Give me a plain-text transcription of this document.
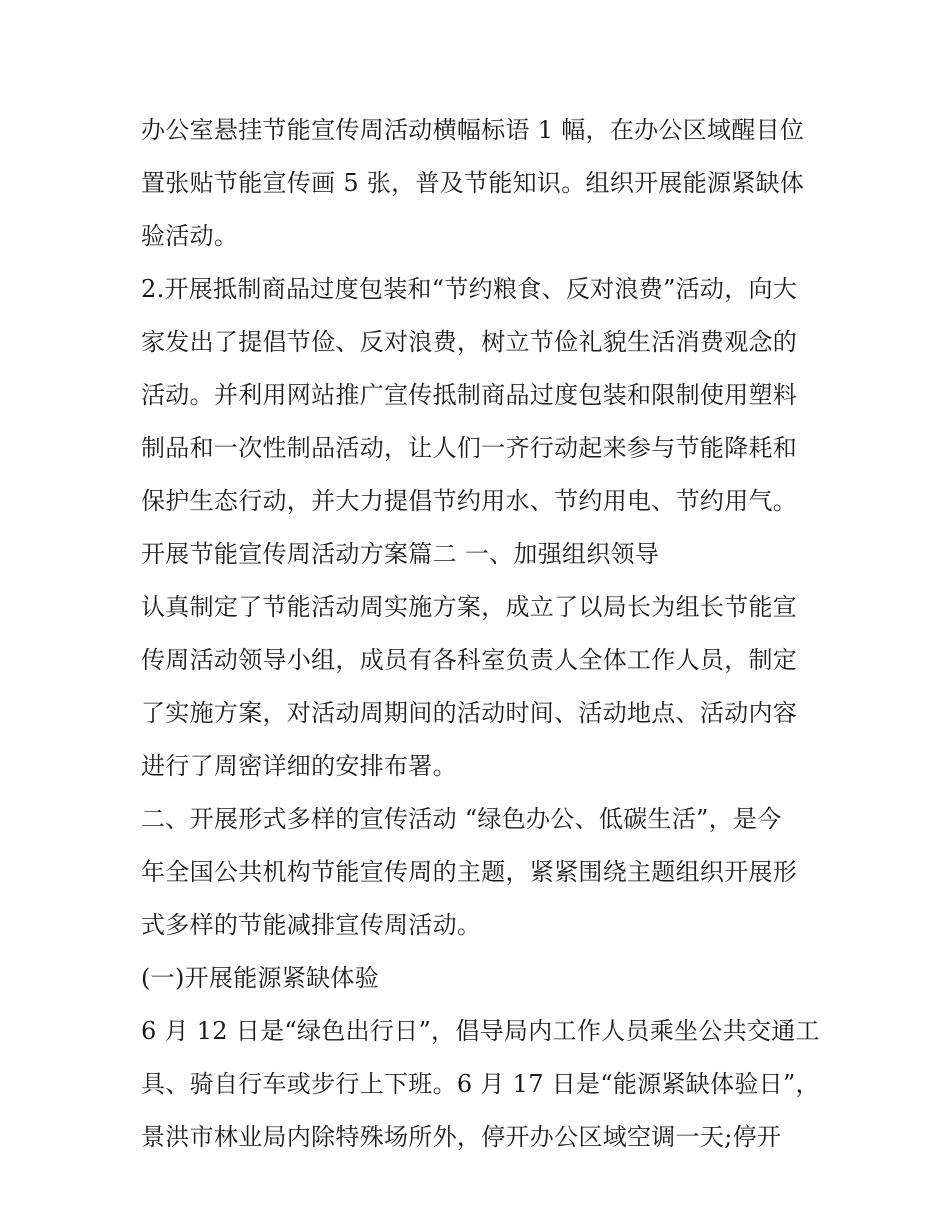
办公室悬挂节能宣传周活动横幅标语 1 幅，在办公区域醒目位
置张贴节能宣传画 5 张，普及节能知识。组织开展能源紧缺体
验活动。
2.开展抵制商品过度包装和“节约粮食、反对浪费”活动，向大
家发出了提倡节俭、反对浪费，树立节俭礼貌生活消费观念的
活动。并利用网站推广宣传抵制商品过度包装和限制使用塑料
制品和一次性制品活动，让人们一齐行动起来参与节能降耗和
保护生态行动，并大力提倡节约用水、节约用电、节约用气。
开展节能宣传周活动方案篇二 一、加强组织领导
认真制定了节能活动周实施方案，成立了以局长为组长节能宣
传周活动领导小组，成员有各科室负责人全体工作人员，制定
了实施方案，对活动周期间的活动时间、活动地点、活动内容
进行了周密详细的安排布署。
二、开展形式多样的宣传活动 “绿色办公、低碳生活”，是今
年全国公共机构节能宣传周的主题，紧紧围绕主题组织开展形
式多样的节能减排宣传周活动。
(一)开展能源紧缺体验
6 月 12 日是“绿色出行日”，倡导局内工作人员乘坐公共交通工
具、骑自行车或步行上下班。6 月 17 日是“能源紧缺体验日”，
景洪市林业局内除特殊场所外，停开办公区域空调一天;停开
